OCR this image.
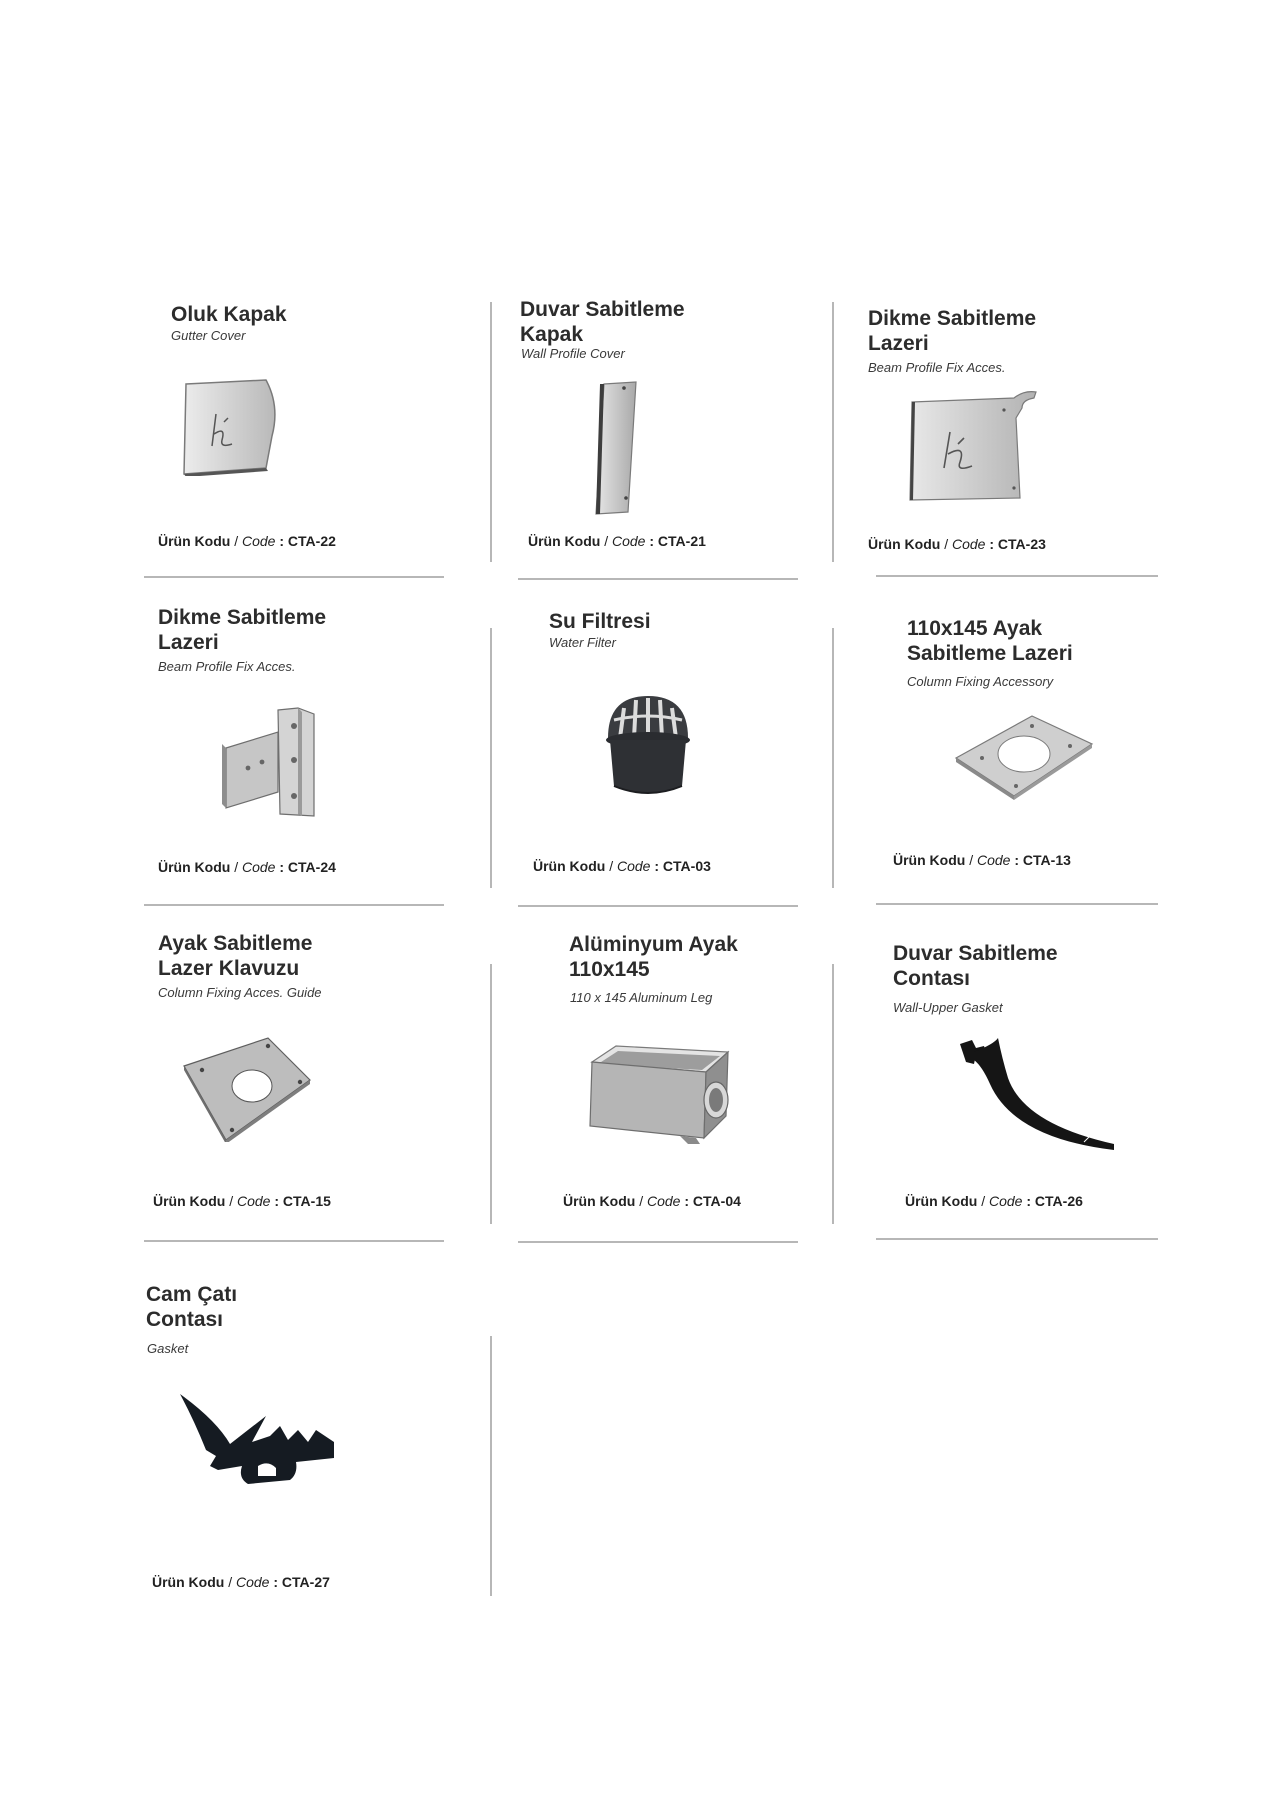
Oluk Kapak
Gutter Cover
Ürün Kodu / Code : CTA-22
Duvar Sabitleme
Kapak
Wall Profile Cover
Ürün Kodu / Code : CTA-21
Dikme Sabitleme
Lazeri
Beam Profile Fix Acces.
Ürün Kodu / Code : CTA-23
Dikme Sabitleme
Lazeri
Beam Profile Fix Acces.
Ürün Kodu / Code : CTA-24
Su Filtresi
Water Filter
Ürün Kodu / Code : CTA-03
110x145 Ayak
Sabitleme Lazeri
Column Fixing Accessory
Ürün Kodu / Code : CTA-13
Ayak Sabitleme
Lazer Klavuzu
Column Fixing Acces. Guide
Ürün Kodu / Code : CTA-15
Alüminyum Ayak
110x145
110 x 145 Aluminum Leg
Ürün Kodu / Code : CTA-04
Duvar Sabitleme
Contası
Wall-Upper Gasket
Ürün Kodu / Code : CTA-26
Cam Çatı
Contası
Gasket
Ürün Kodu / Code : CTA-27
